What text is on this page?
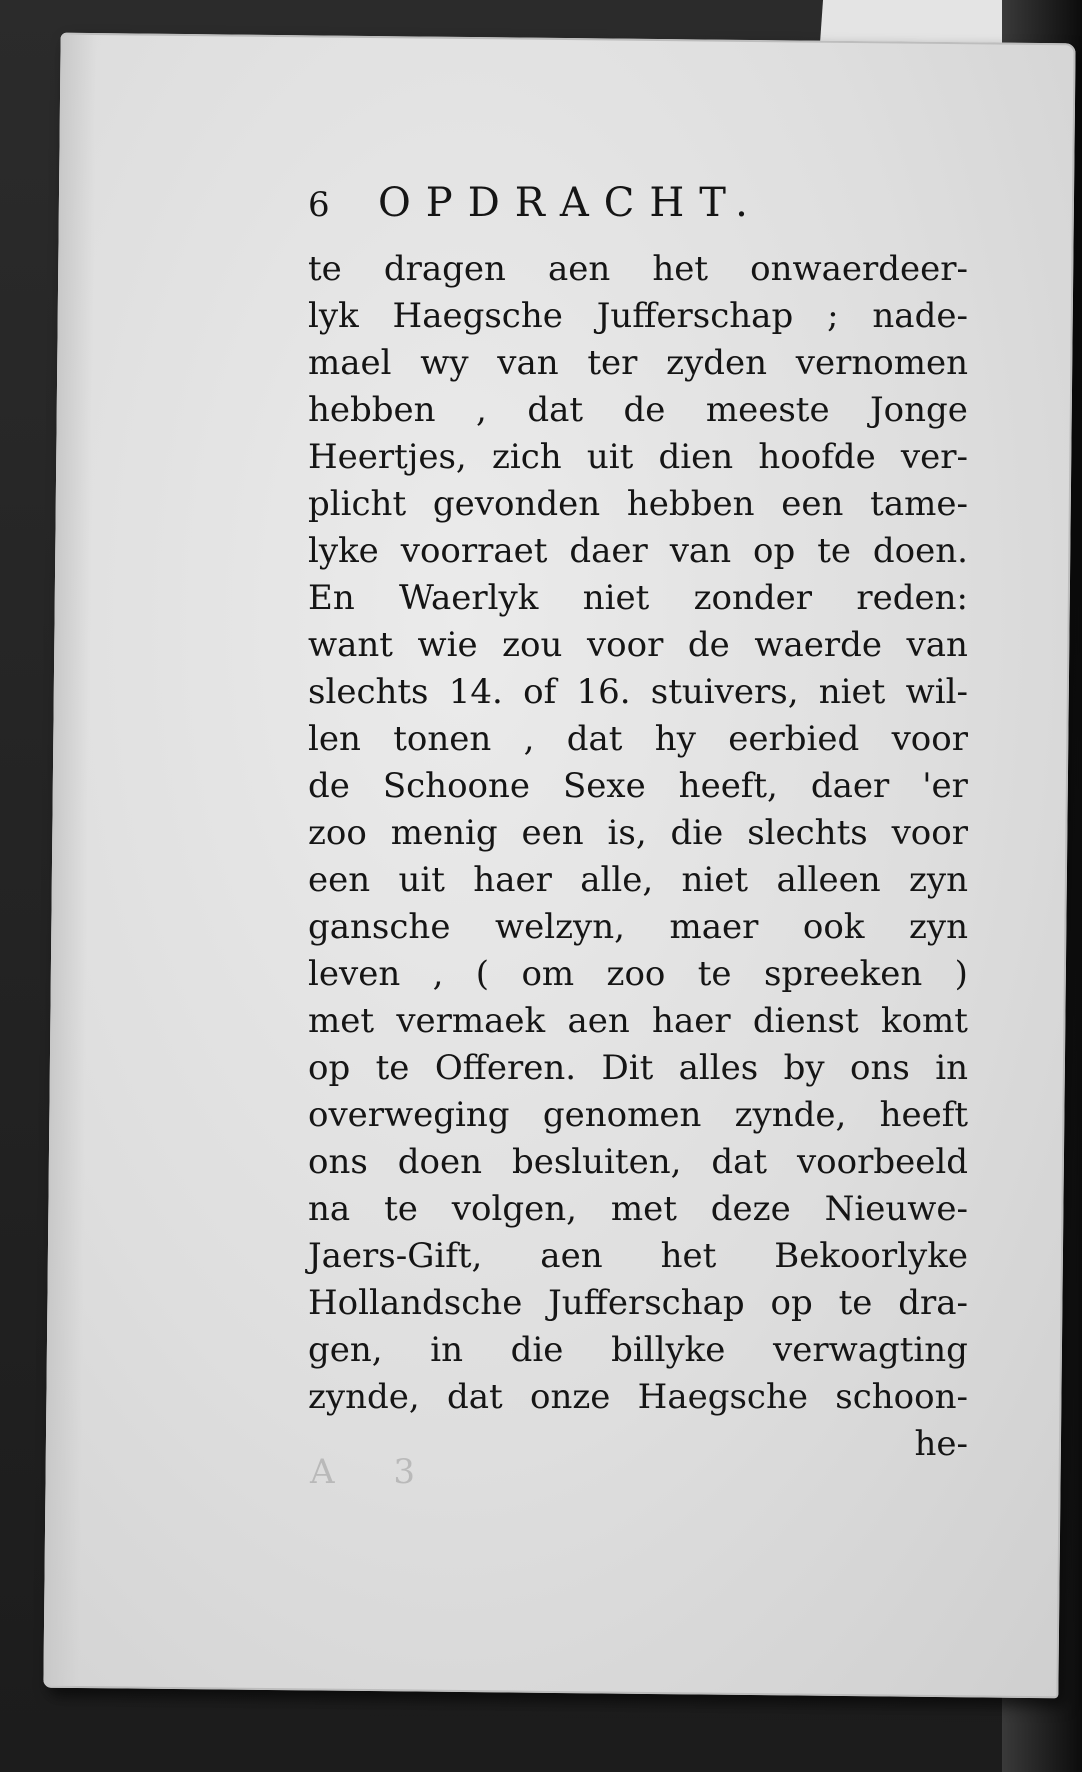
6	OPDRACHT.
te dragen aen het onwaerdeer-
lyk Haegsche Jufferschap ; nade-
mael wy van ter zyden vernomen
hebben , dat de meeste Jonge
Heertjes, zich uit dien hoofde ver-
plicht gevonden hebben een tame-
lyke voorraet daer van op te doen.
En Waerlyk niet zonder reden:
want wie zou voor de waerde van
slechts 14. of 16. stuivers, niet wil-
len tonen , dat hy eerbied voor
de Schoone Sexe heeft, daer 'er
zoo menig een is, die slechts voor
een uit haer alle, niet alleen zyn
gansche welzyn, maer ook zyn
leven , ( om zoo te spreeken )
met vermaek aen haer dienst komt
op te Offeren. Dit alles by ons in
overweging genomen zynde, heeft
ons doen besluiten, dat voorbeeld
na te volgen, met deze Nieuwe-
Jaers-Gift, aen het Bekoorlyke
Hollandsche Jufferschap op te dra-
gen, in die billyke verwagting
zynde, dat onze Haegsche schoon-
he-
A 3
